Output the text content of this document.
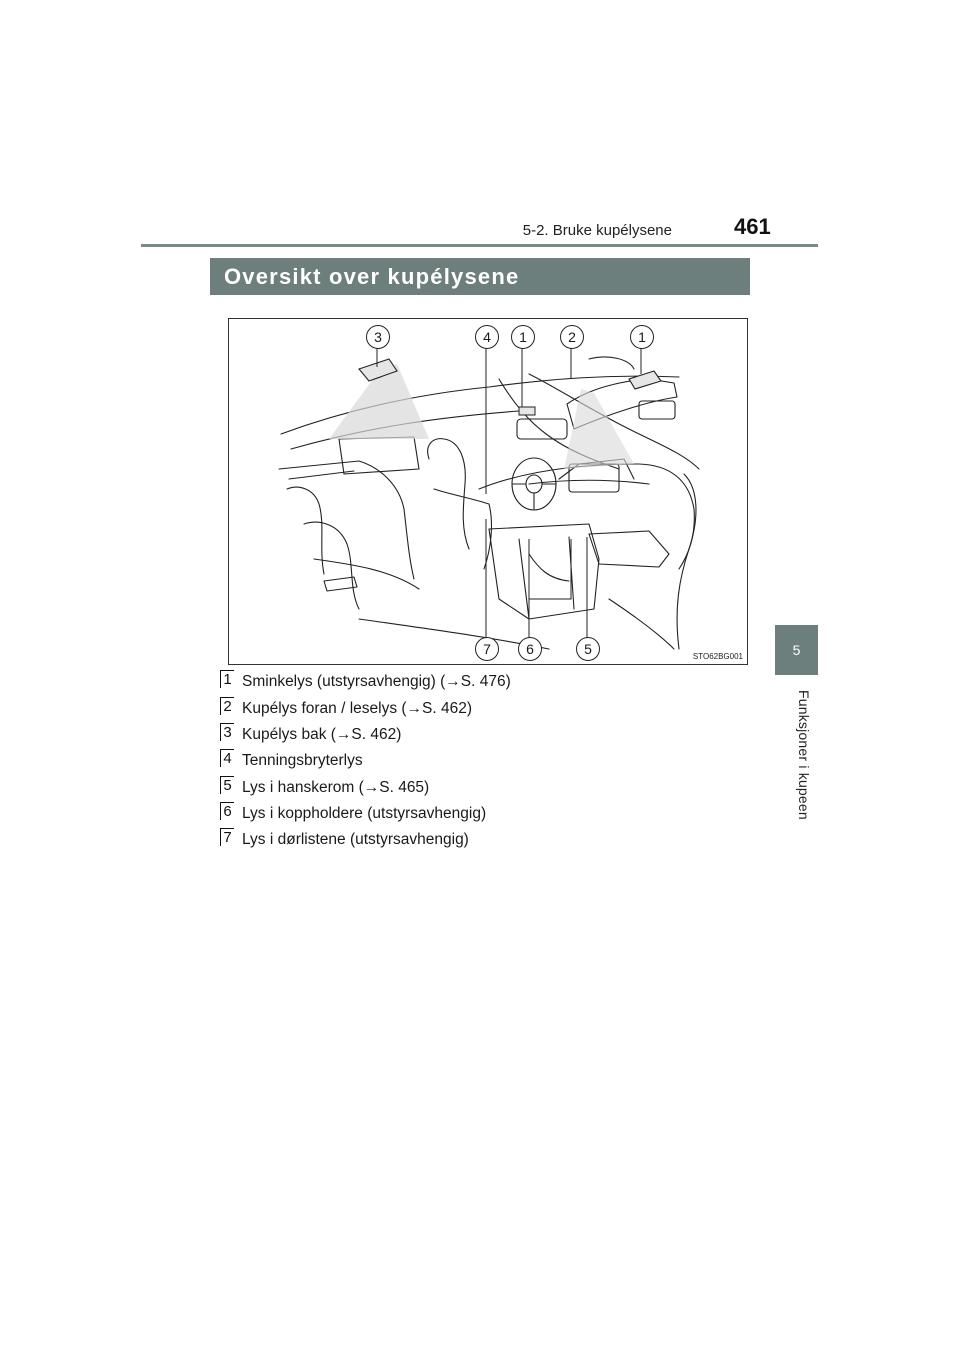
5-2. Bruke kupélysene	461
5
Funksjoner i kupeen
Oversikt over kupélysene
3	4	1	2	1
7	6	5	STO62BG001
1 Sminkelys (utstyrsavhengig) (→S. 476)
2 Kupélys foran / leselys (→S. 462)
3 Kupélys bak (→S. 462)
4 Tenningsbryterlys
5 Lys i hanskerom (→S. 465)
6 Lys i koppholdere (utstyrsavhengig)
7 Lys i dørlistene (utstyrsavhengig)
